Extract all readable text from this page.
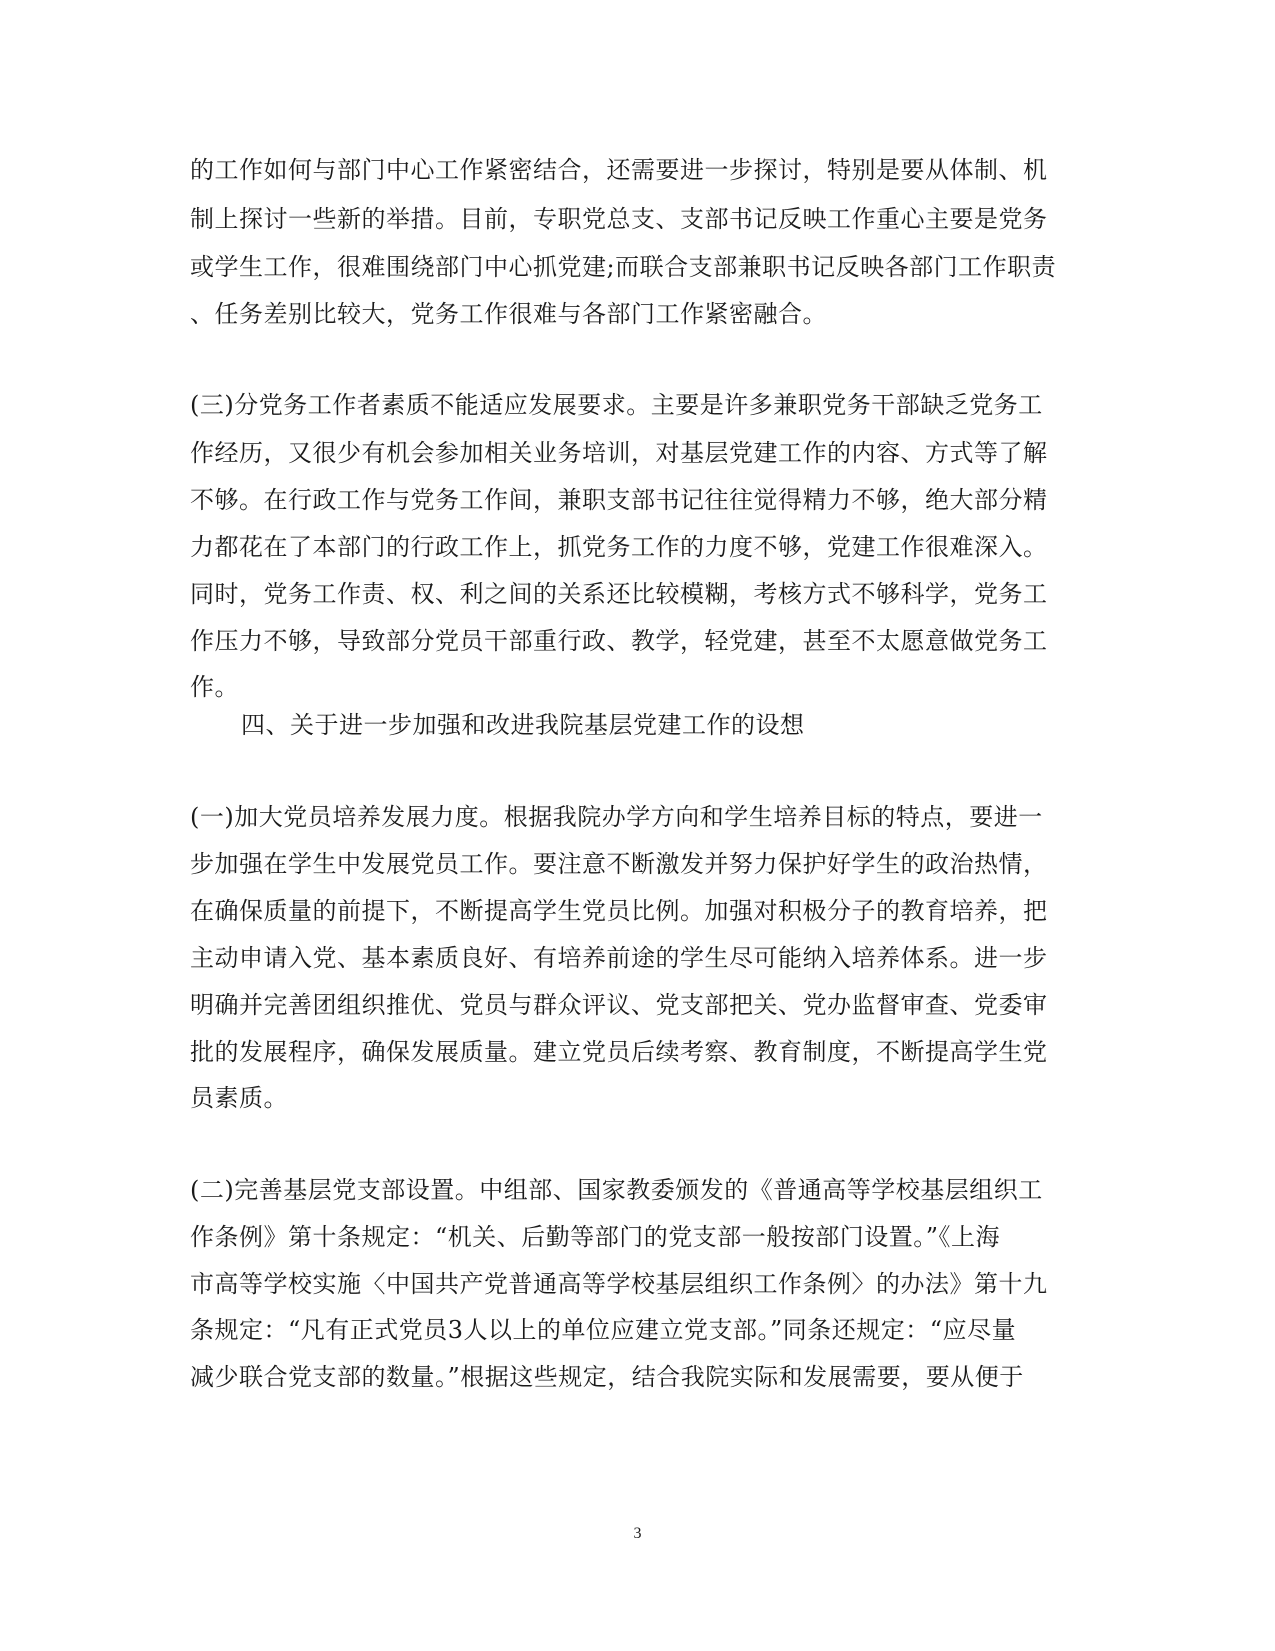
的工作如何与部门中心工作紧密结合，还需要进一步探讨，特别是要从体制、机
制上探讨一些新的举措。目前，专职党总支、支部书记反映工作重心主要是党务
或学生工作，很难围绕部门中心抓党建;而联合支部兼职书记反映各部门工作职责
、任务差别比较大，党务工作很难与各部门工作紧密融合。
(三)分党务工作者素质不能适应发展要求。主要是许多兼职党务干部缺乏党务工
作经历，又很少有机会参加相关业务培训，对基层党建工作的内容、方式等了解
不够。在行政工作与党务工作间，兼职支部书记往往觉得精力不够，绝大部分精
力都花在了本部门的行政工作上，抓党务工作的力度不够，党建工作很难深入。
同时，党务工作责、权、利之间的关系还比较模糊，考核方式不够科学，党务工
作压力不够，导致部分党员干部重行政、教学，轻党建，甚至不太愿意做党务工
作。
四、关于进一步加强和改进我院基层党建工作的设想
(一)加大党员培养发展力度。根据我院办学方向和学生培养目标的特点，要进一
步加强在学生中发展党员工作。要注意不断激发并努力保护好学生的政治热情，
在确保质量的前提下，不断提高学生党员比例。加强对积极分子的教育培养，把
主动申请入党、基本素质良好、有培养前途的学生尽可能纳入培养体系。进一步
明确并完善团组织推优、党员与群众评议、党支部把关、党办监督审查、党委审
批的发展程序，确保发展质量。建立党员后续考察、教育制度，不断提高学生党
员素质。
(二)完善基层党支部设置。中组部、国家教委颁发的《普通高等学校基层组织工
作条例》第十条规定：“机关、后勤等部门的党支部一般按部门设置。”《上海
市高等学校实施〈中国共产党普通高等学校基层组织工作条例〉的办法》第十九
条规定：“凡有正式党员3人以上的单位应建立党支部。”同条还规定：“应尽量
减少联合党支部的数量。”根据这些规定，结合我院实际和发展需要，要从便于
3
